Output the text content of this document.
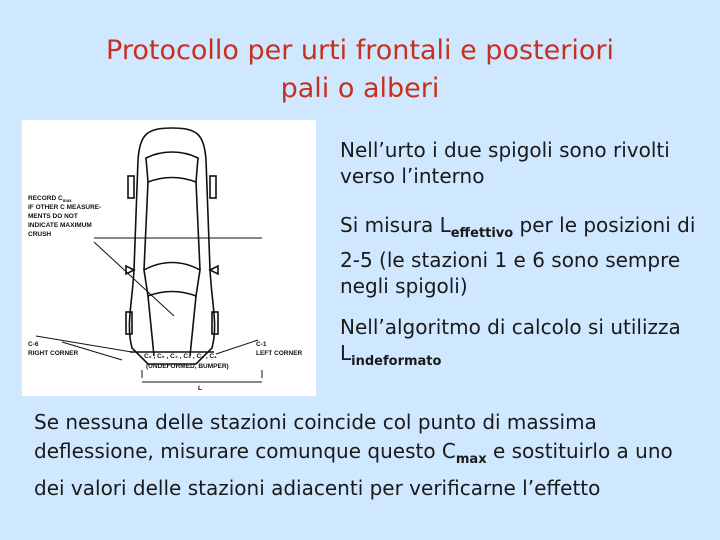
Protocollo per urti frontali e posteriori
pali o alberi
RECORD $C_{max}$
IF OTHER C MEASURE-
MENTS DO NOT
INDICATE MAXIMUM
CRUSH
C-6
RIGHT CORNER
C-1
LEFT CORNER
C₆ , C₅ , C₄ , C₃ , C₂ , C₁
(UNDEFORMED, BUMPER)
L
Nell’urto i due spigoli sono rivolti verso l’interno
Si misura $L_{effettivo}$ per le posizioni di 2-5 (le stazioni 1 e 6 sono sempre negli spigoli)
Nell’algoritmo di calcolo si utilizza $L_{indeformato}$
Se nessuna delle stazioni coincide col punto di massima deflessione, misurare comunque questo $C_{max}$ e sostituirlo a uno dei valori delle stazioni adiacenti per verificarne l’effetto
